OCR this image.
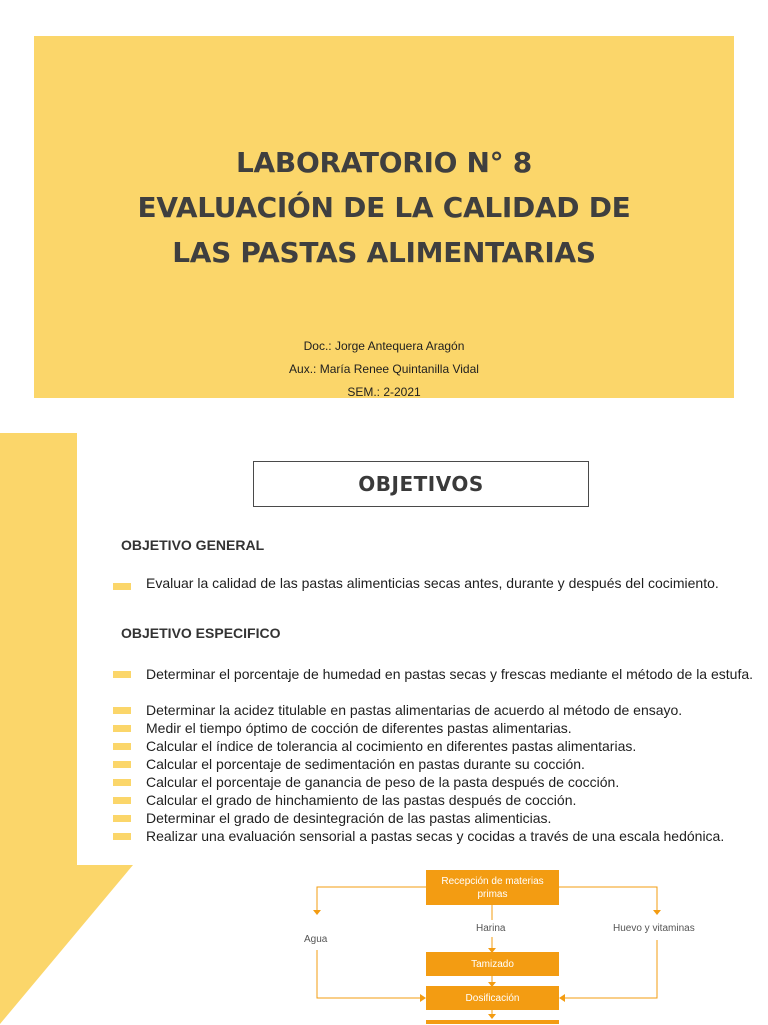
LABORATORIO N° 8
EVALUACIÓN DE LA CALIDAD DE
LAS PASTAS ALIMENTARIAS
Doc.: Jorge Antequera Aragón
Aux.: María Renee Quintanilla Vidal
SEM.: 2-2021
OBJETIVOS
OBJETIVO GENERAL
Evaluar la calidad de las pastas alimenticias secas antes, durante y después del cocimiento.
OBJETIVO ESPECIFICO
Determinar el porcentaje de humedad en pastas secas y frescas mediante el método de la estufa.
Determinar la acidez titulable en pastas alimentarias de acuerdo al método de ensayo.
Medir el tiempo óptimo de cocción de diferentes pastas alimentarias.
Calcular el índice de tolerancia al cocimiento en diferentes pastas alimentarias.
Calcular el porcentaje de sedimentación en pastas durante su cocción.
Calcular el porcentaje de ganancia de peso de la pasta después de cocción.
Calcular el grado de hinchamiento de las pastas después de cocción.
Determinar el grado de desintegración de las pastas alimenticias.
Realizar una evaluación sensorial a pastas secas y cocidas a través de una escala hedónica.
Recepción de materias primas
Harina
Agua
Huevo y vitaminas
Tamizado
Dosificación
